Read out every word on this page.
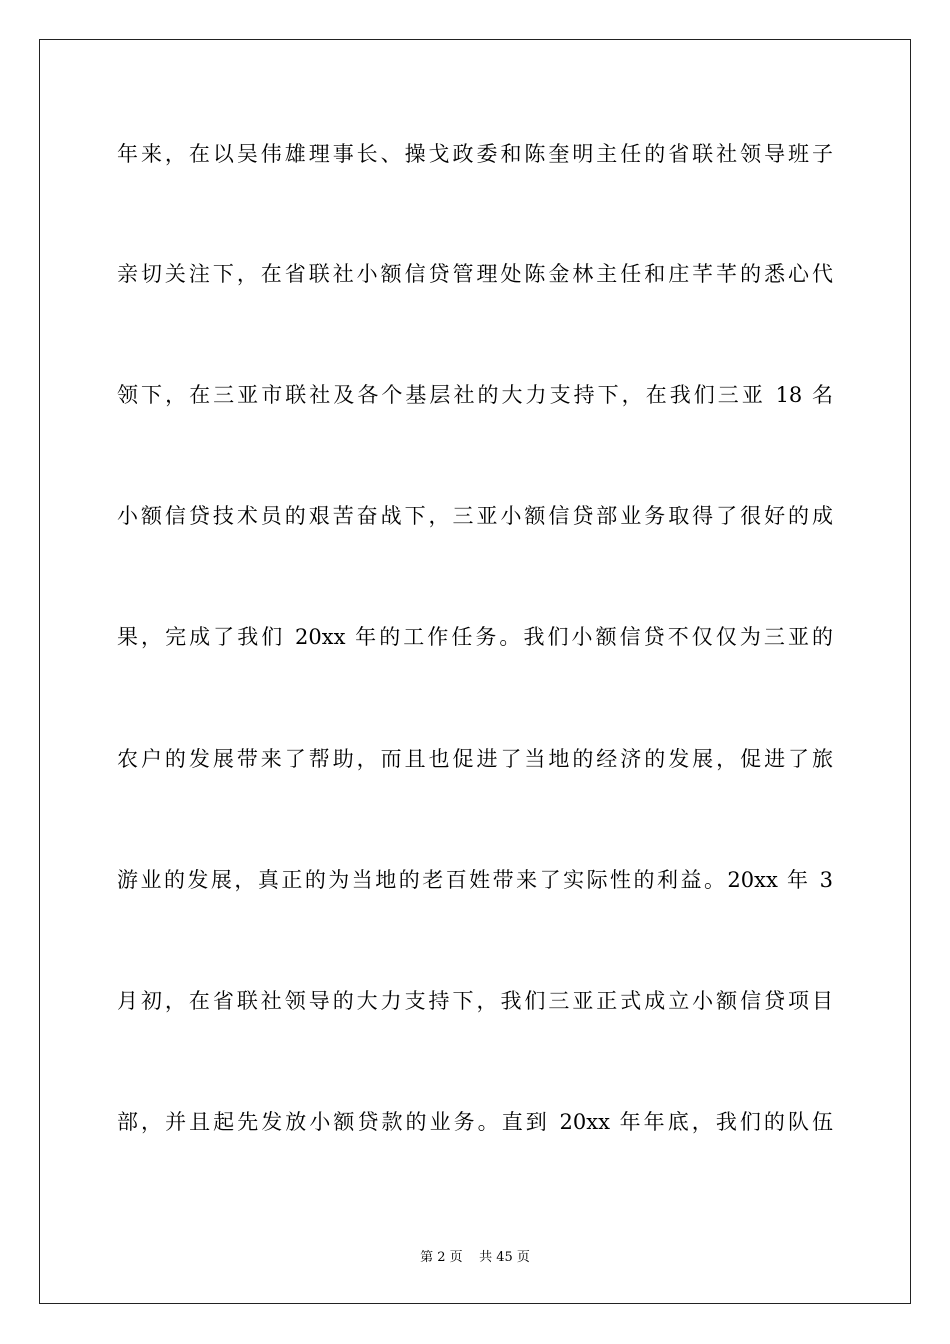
年来，在以吴伟雄理事长、操戈政委和陈奎明主任的省联社领导班子
亲切关注下，在省联社小额信贷管理处陈金林主任和庄芊芊的悉心代
领下，在三亚市联社及各个基层社的大力支持下，在我们三亚 18 名
小额信贷技术员的艰苦奋战下，三亚小额信贷部业务取得了很好的成
果，完成了我们 20xx 年的工作任务。我们小额信贷不仅仅为三亚的
农户的发展带来了帮助，而且也促进了当地的经济的发展，促进了旅
游业的发展，真正的为当地的老百姓带来了实际性的利益。20xx 年 3
月初，在省联社领导的大力支持下，我们三亚正式成立小额信贷项目
部，并且起先发放小额贷款的业务。直到 20xx 年年底，我们的队伍
第 2 页    共 45 页
